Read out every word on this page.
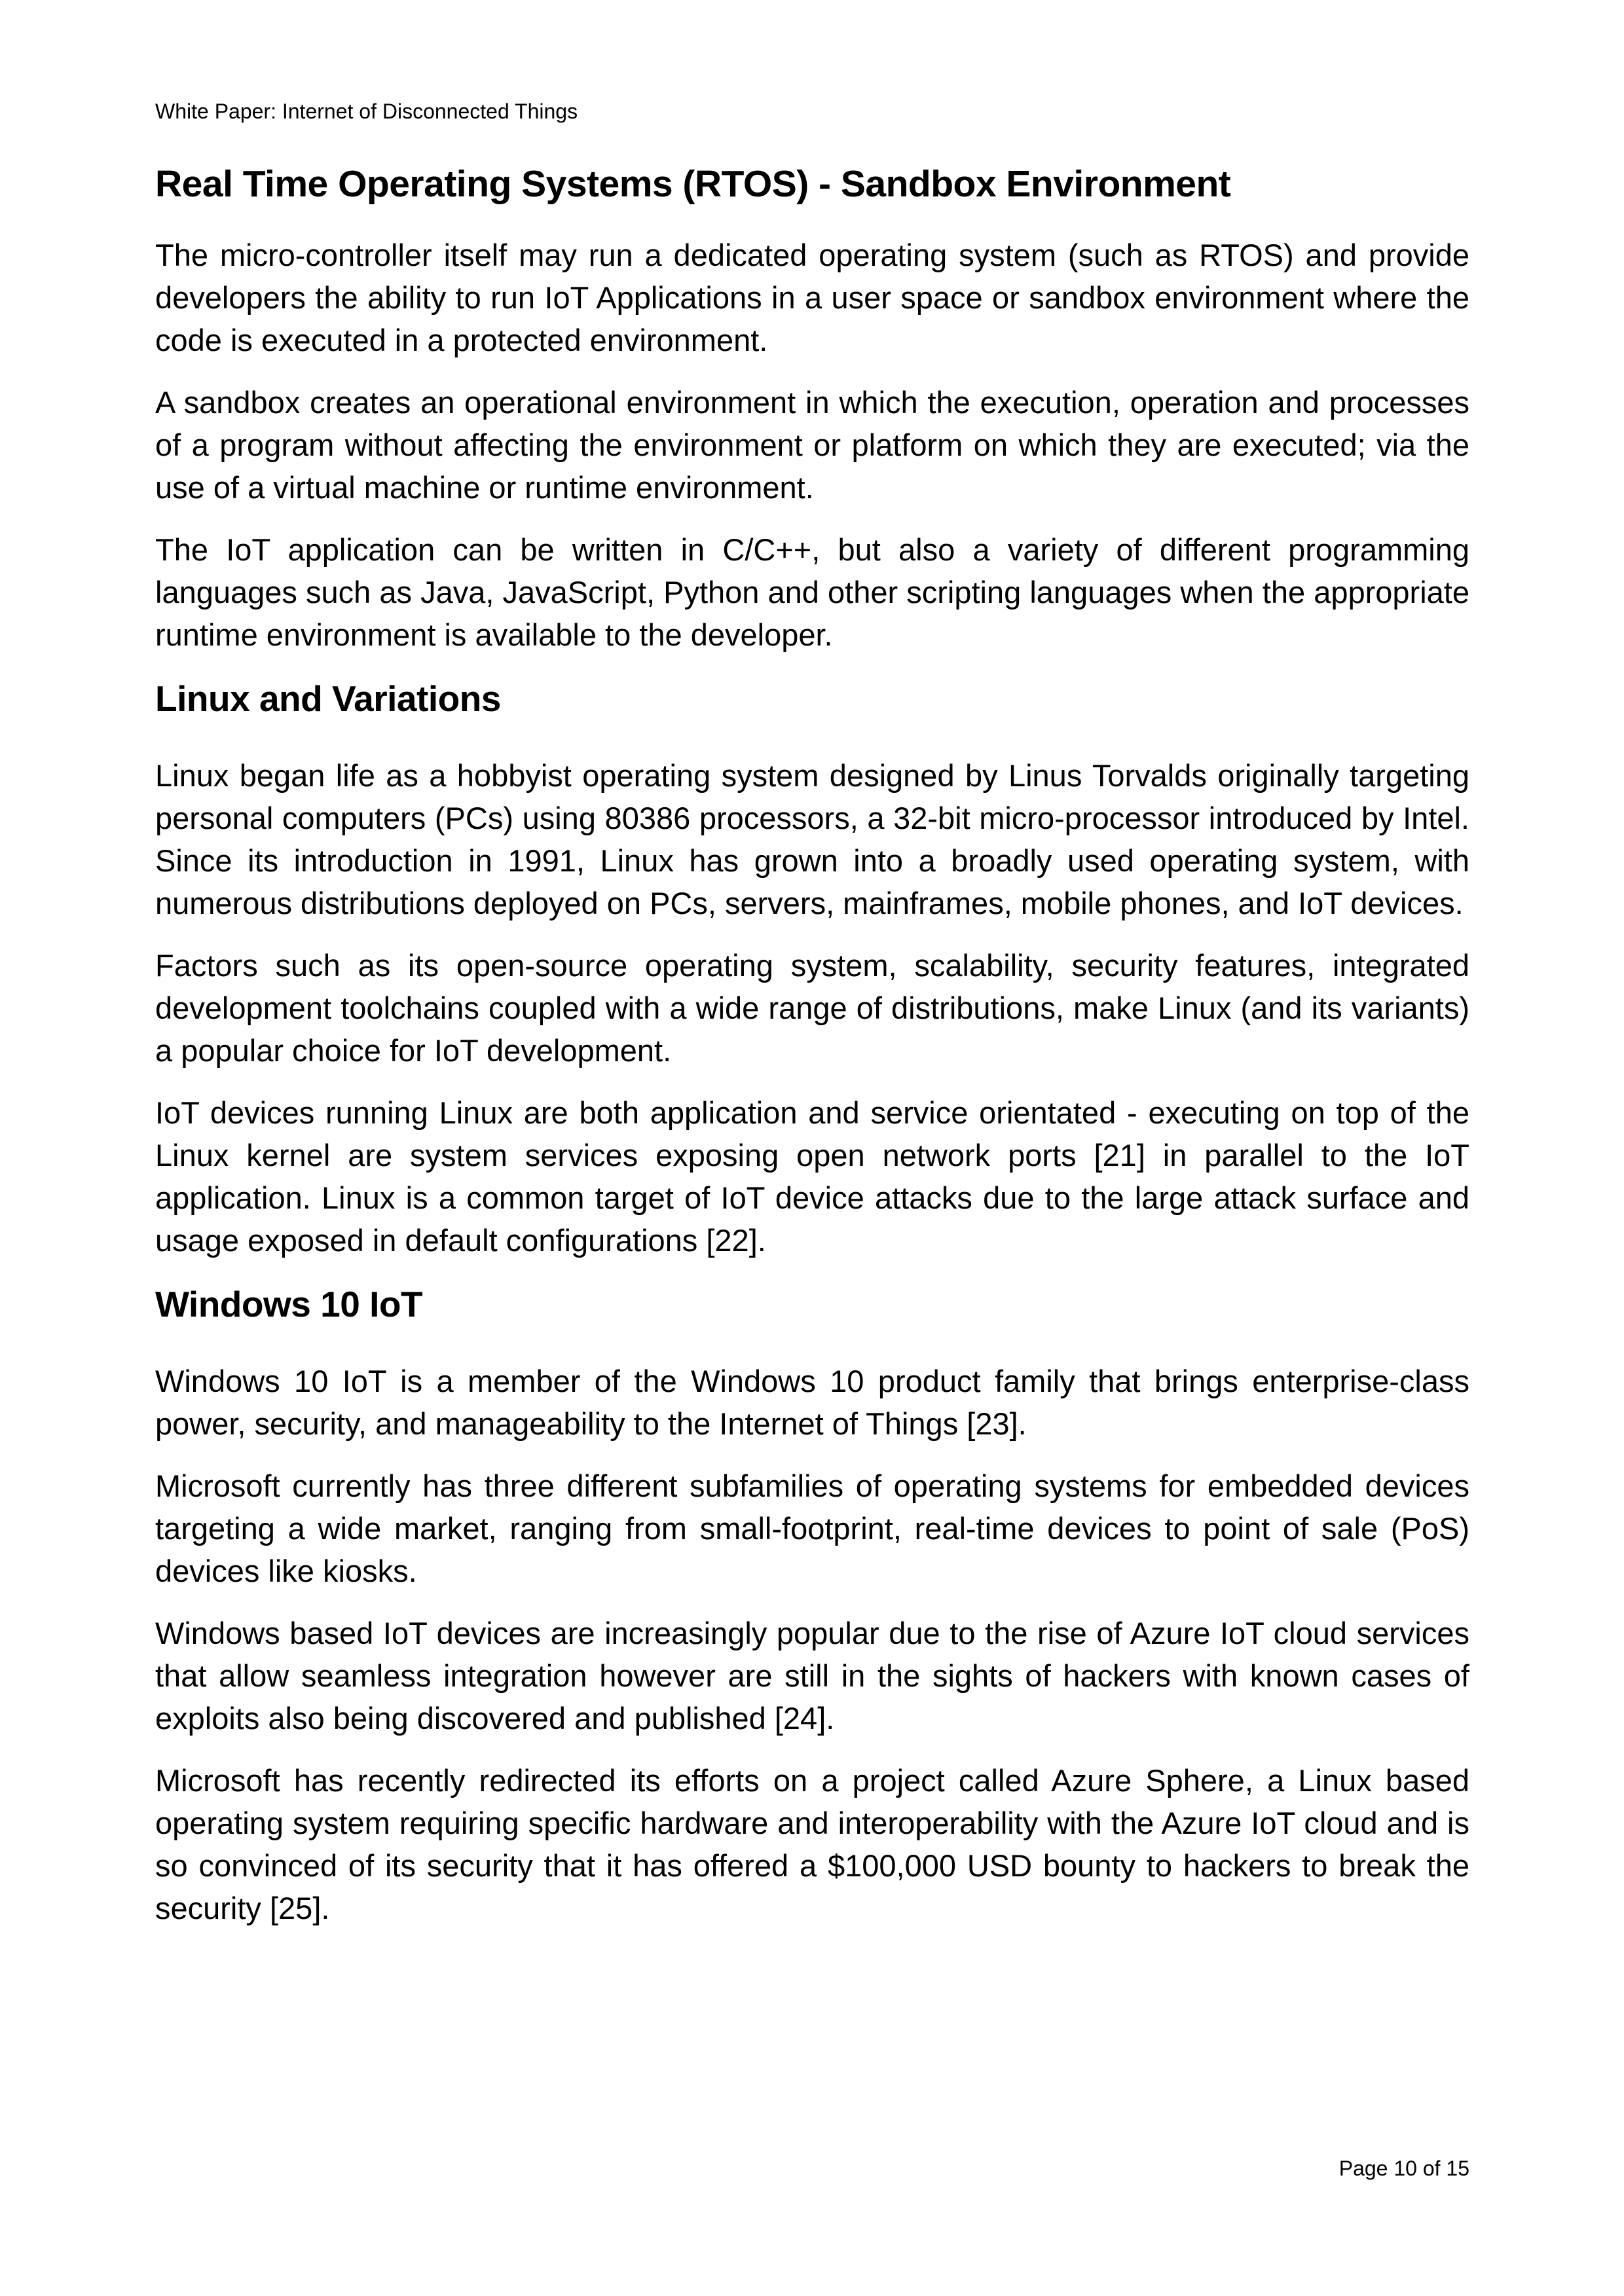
White Paper: Internet of Disconnected Things
Real Time Operating Systems (RTOS) - Sandbox Environment

The micro-controller itself may run a dedicated operating system (such as RTOS) and provide developers the ability to run IoT Applications in a user space or sandbox environment where the code is executed in a protected environment.

A sandbox creates an operational environment in which the execution, operation and processes of a program without affecting the environment or platform on which they are executed; via the use of a virtual machine or runtime environment.

The IoT application can be written in C/C++, but also a variety of different programming languages such as Java, JavaScript, Python and other scripting languages when the appropriate runtime environment is available to the developer.

Linux and Variations

Linux began life as a hobbyist operating system designed by Linus Torvalds originally targeting personal computers (PCs) using 80386 processors, a 32-bit micro-processor introduced by Intel. Since its introduction in 1991, Linux has grown into a broadly used operating system, with numerous distributions deployed on PCs, servers, mainframes, mobile phones, and IoT devices.

Factors such as its open-source operating system, scalability, security features, integrated development toolchains coupled with a wide range of distributions, make Linux (and its variants) a popular choice for IoT development.

IoT devices running Linux are both application and service orientated - executing on top of the Linux kernel are system services exposing open network ports [21] in parallel to the IoT application. Linux is a common target of IoT device attacks due to the large attack surface and usage exposed in default configurations [22].

Windows 10 IoT

Windows 10 IoT is a member of the Windows 10 product family that brings enterprise-class power, security, and manageability to the Internet of Things [23].

Microsoft currently has three different subfamilies of operating systems for embedded devices targeting a wide market, ranging from small-footprint, real-time devices to point of sale (PoS) devices like kiosks.

Windows based IoT devices are increasingly popular due to the rise of Azure IoT cloud services that allow seamless integration however are still in the sights of hackers with known cases of exploits also being discovered and published [24].

Microsoft has recently redirected its efforts on a project called Azure Sphere, a Linux based operating system requiring specific hardware and interoperability with the Azure IoT cloud and is so convinced of its security that it has offered a $100,000 USD bounty to hackers to break the security [25].

Page 10 of 15
